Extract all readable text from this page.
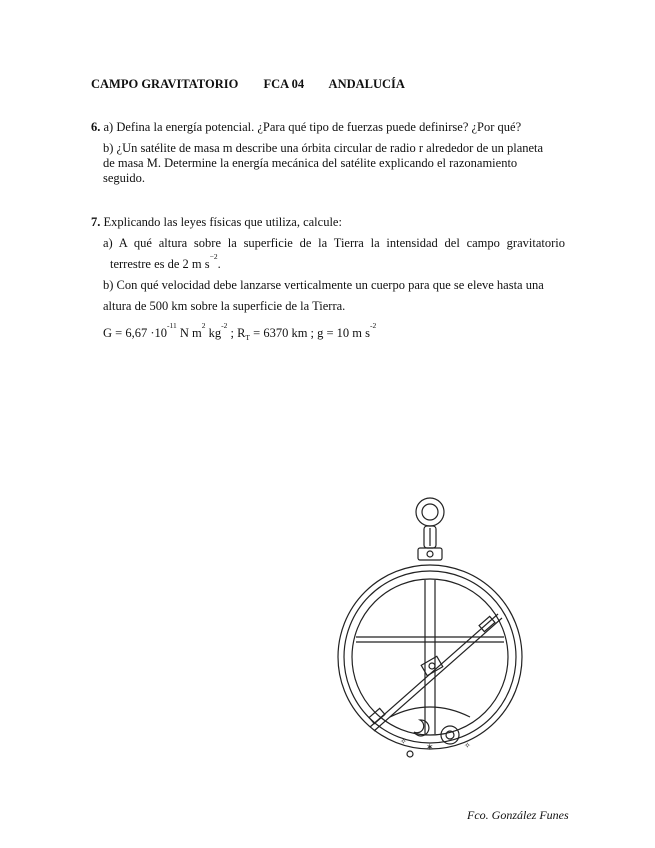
CAMPO GRAVITATORIO FCA 04 ANDALUCÍA
6. a) Defina la energía potencial. ¿Para qué tipo de fuerzas puede definirse? ¿Por qué?
b) ¿Un satélite de masa m describe una órbita circular de radio r alrededor de un planeta
de masa M. Determine la energía mecánica del satélite explicando el razonamiento
seguido.
7. Explicando las leyes físicas que utiliza, calcule:
a) A qué altura sobre la superficie de la Tierra la intensidad del campo gravitatorio
terrestre es de 2 m $s^{-2}$.
b) Con qué velocidad debe lanzarse verticalmente un cuerpo para que se eleve hasta una
altura de 500 km sobre la superficie de la Tierra.
$G = 6,67 \cdot 10^{-11}$ N $m^2$ $kg^{-2}$ ; $R_T = 6370$ km ; g = 10 m $s^{-2}$
✶
✧	✧
Fco. González Funes
